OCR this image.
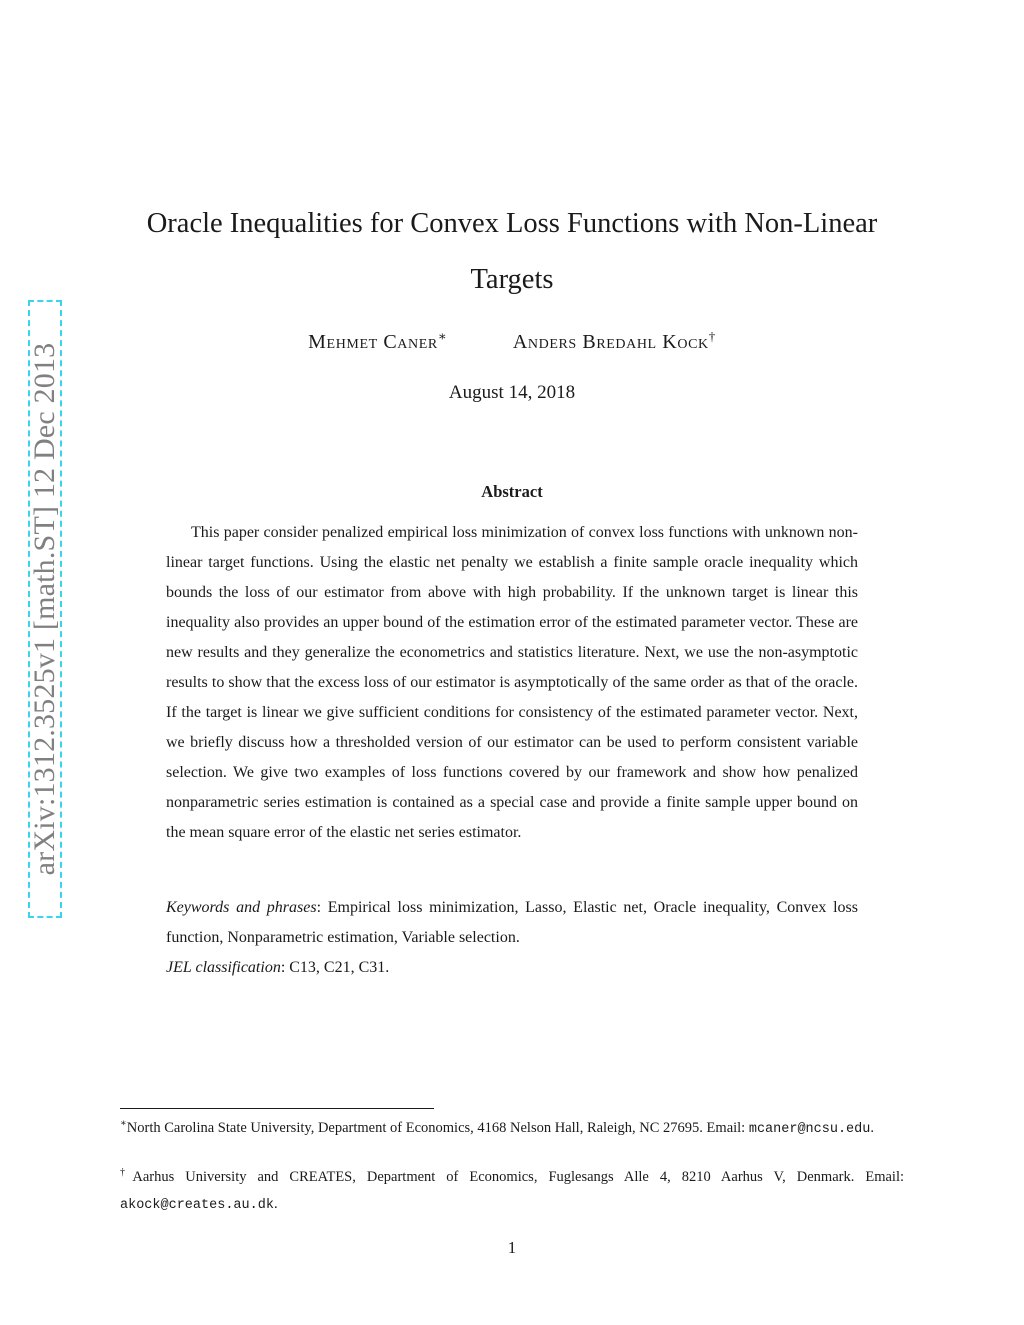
arXiv:1312.3525v1 [math.ST] 12 Dec 2013
Oracle Inequalities for Convex Loss Functions with Non-Linear Targets
Mehmet Caner∗	Anders Bredahl Kock†
August 14, 2018
Abstract

This paper consider penalized empirical loss minimization of convex loss functions with unknown non-linear target functions. Using the elastic net penalty we establish a finite sample oracle inequality which bounds the loss of our estimator from above with high probability. If the unknown target is linear this inequality also provides an upper bound of the estimation error of the estimated parameter vector. These are new results and they generalize the econometrics and statistics literature. Next, we use the non-asymptotic results to show that the excess loss of our estimator is asymptotically of the same order as that of the oracle. If the target is linear we give sufficient conditions for consistency of the estimated parameter vector. Next, we briefly discuss how a thresholded version of our estimator can be used to perform consistent variable selection. We give two examples of loss functions covered by our framework and show how penalized nonparametric series estimation is contained as a special case and provide a finite sample upper bound on the mean square error of the elastic net series estimator.

Keywords and phrases: Empirical loss minimization, Lasso, Elastic net, Oracle inequality, Convex loss function, Nonparametric estimation, Variable selection.

JEL classification: C13, C21, C31.

∗North Carolina State University, Department of Economics, 4168 Nelson Hall, Raleigh, NC 27695. Email: mcaner@ncsu.edu.

†Aarhus University and CREATES, Department of Economics, Fuglesangs Alle 4, 8210 Aarhus V, Denmark. Email: akock@creates.au.dk.

1
